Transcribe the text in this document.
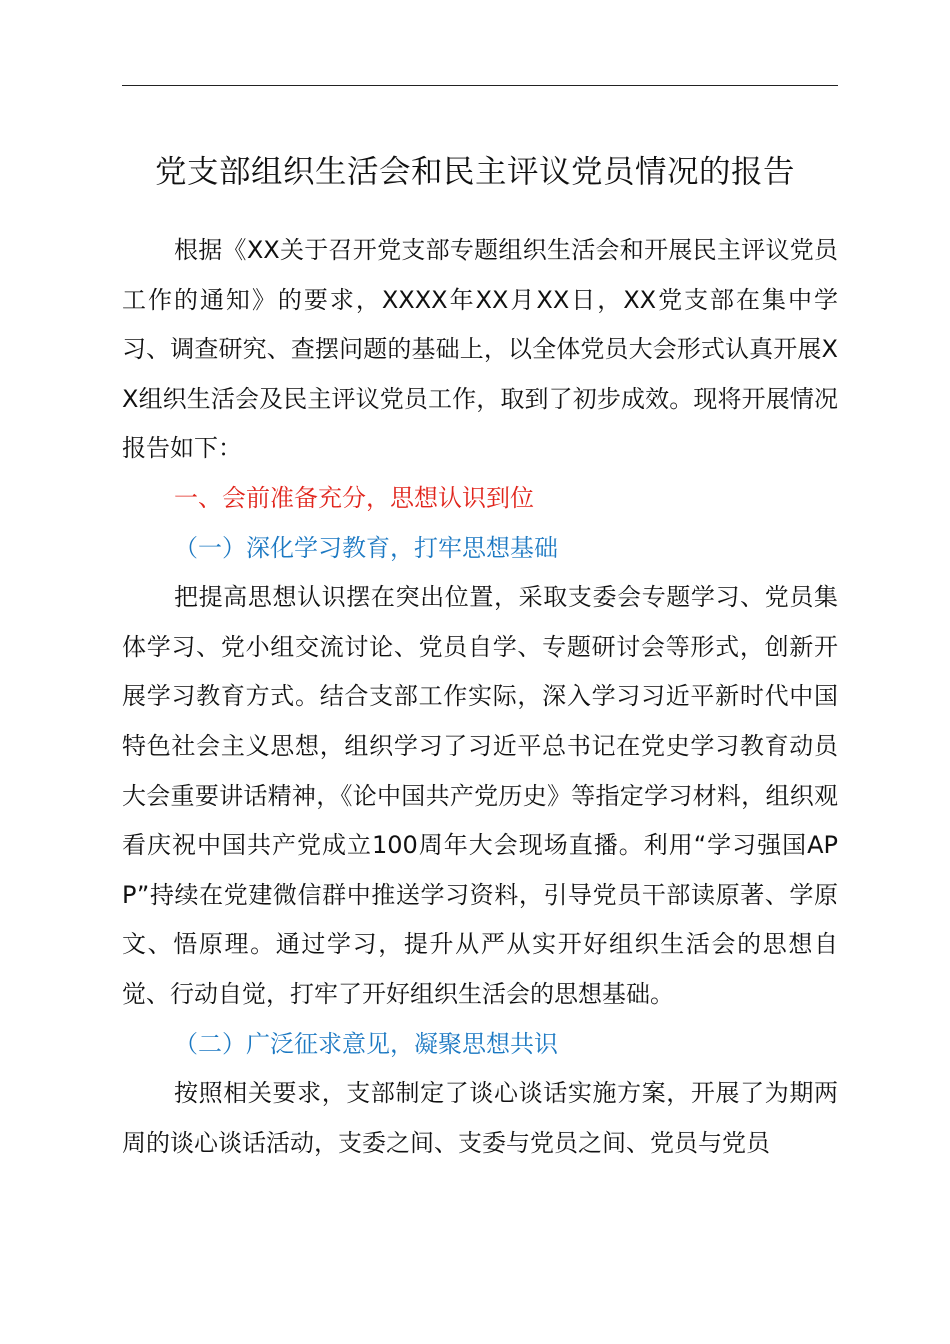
党支部组织生活会和民主评议党员情况的报告

根据《XX关于召开党支部专题组织生活会和开展民主评议党员工作的通知》的要求，XXXX年XX月XX日，XX党支部在集中学习、调查研究、查摆问题的基础上，以全体党员大会形式认真开展XX组织生活会及民主评议党员工作，取到了初步成效。现将开展情况报告如下：

一、会前准备充分，思想认识到位

（一）深化学习教育，打牢思想基础

把提高思想认识摆在突出位置，采取支委会专题学习、党员集体学习、党小组交流讨论、党员自学、专题研讨会等形式，创新开展学习教育方式。结合支部工作实际，深入学习习近平新时代中国特色社会主义思想，组织学习了习近平总书记在党史学习教育动员大会重要讲话精神，《论中国共产党历史》等指定学习材料，组织观看庆祝中国共产党成立100周年大会现场直播。利用“学习强国APP”持续在党建微信群中推送学习资料，引导党员干部读原著、学原文、悟原理。通过学习，提升从严从实开好组织生活会的思想自觉、行动自觉，打牢了开好组织生活会的思想基础。

（二）广泛征求意见，凝聚思想共识

按照相关要求，支部制定了谈心谈话实施方案，开展了为期两周的谈心谈话活动，支委之间、支委与党员之间、党员与党员
